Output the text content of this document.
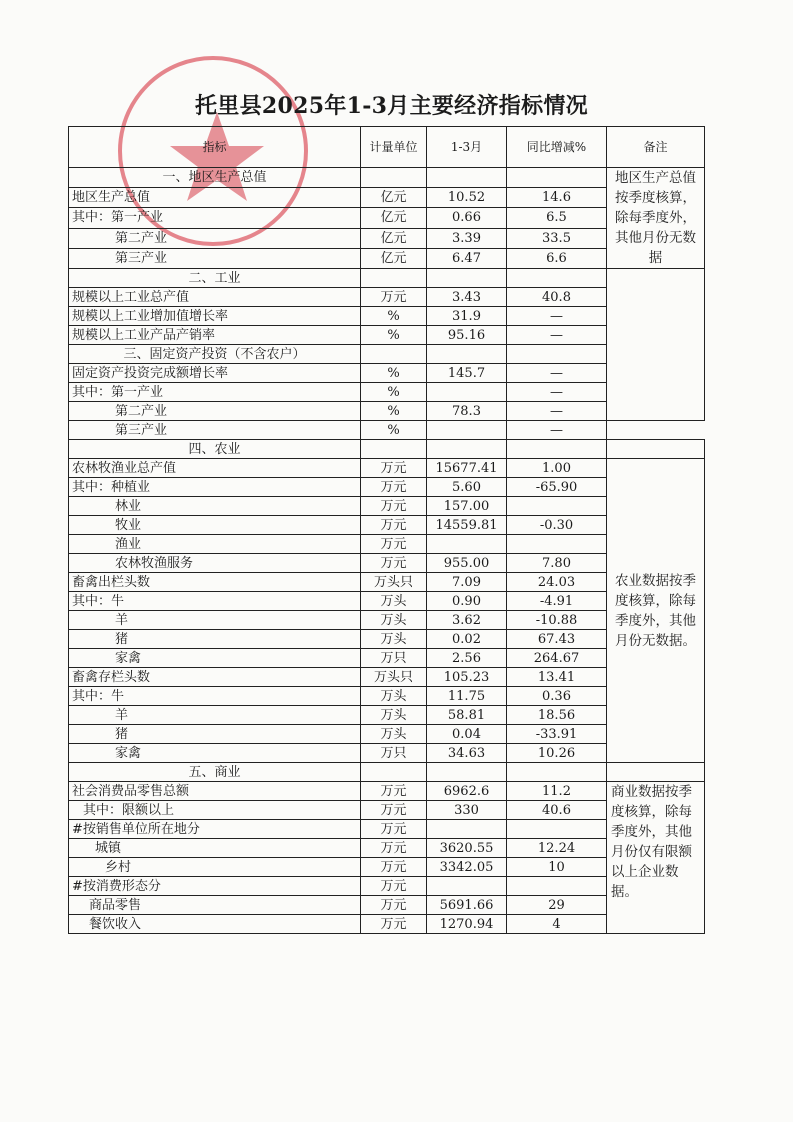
托里县2025年1-3月主要经济指标情况
指标	计量单位	1-3月	同比增减%	备注
一、地区生产总值				地区生产总值按季度核算，除每季度外，其他月份无数据
地区生产总值	亿元	10.52	14.6	
其中：第一产业	亿元	0.66	6.5	
第二产业	亿元	3.39	33.5	
第三产业	亿元	6.47	6.6	
二、工业				
规模以上工业总产值	万元	3.43	40.8	
规模以上工业增加值增长率	%	31.9	—	
规模以上工业产品产销率	%	95.16	—	
三、固定资产投资（不含农户）				
固定资产投资完成额增长率	%	145.7	—	
其中：第一产业	%		—	
第二产业	%	78.3	—	
第三产业	%		—	
四、农业				
农林牧渔业总产值	万元	15677.41	1.00	农业数据按季度核算，除每季度外，其他月份无数据。
其中：种植业	万元	5.60	-65.90	
林业	万元	157.00		
牧业	万元	14559.81	-0.30	
渔业	万元			
农林牧渔服务	万元	955.00	7.80	
畜禽出栏头数	万头只	7.09	24.03	
其中：牛	万头	0.90	-4.91	
羊	万头	3.62	-10.88	
猪	万头	0.02	67.43	
家禽	万只	2.56	264.67	
畜禽存栏头数	万头只	105.23	13.41	
其中：牛	万头	11.75	0.36	
羊	万头	58.81	18.56	
猪	万头	0.04	-33.91	
家禽	万只	34.63	10.26	
五、商业				
社会消费品零售总额	万元	6962.6	11.2	商业数据按季度核算，除每季度外，其他月份仅有限额以上企业数据。
其中：限额以上	万元	330	40.6	
#按销售单位所在地分	万元			
城镇	万元	3620.55	12.24	
乡村	万元	3342.05	10	
#按消费形态分	万元			
商品零售	万元	5691.66	29	
餐饮收入	万元	1270.94	4	
